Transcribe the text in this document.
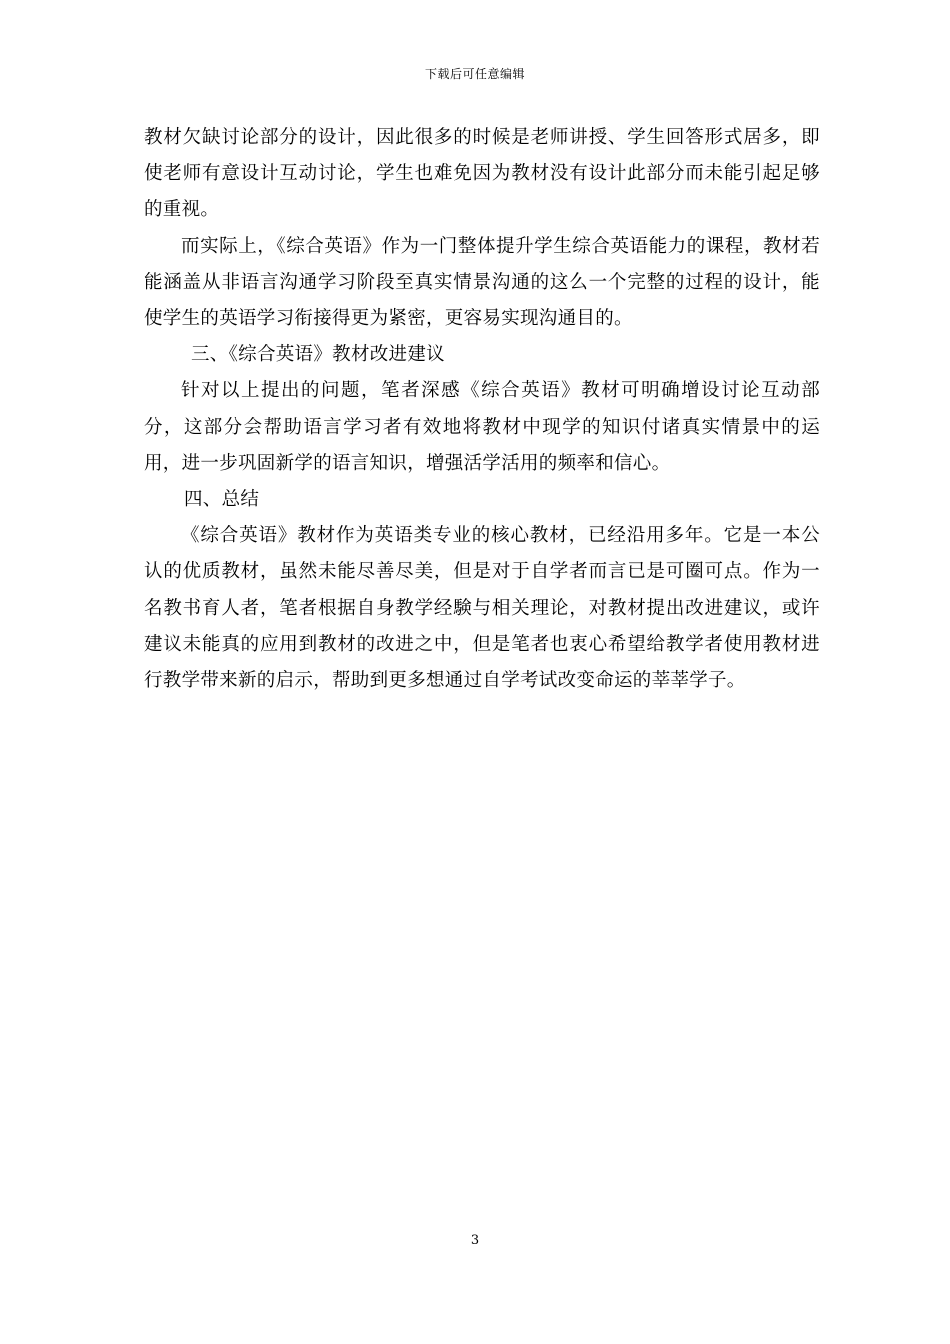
下载后可任意编辑

教材欠缺讨论部分的设计，因此很多的时候是老师讲授、学生回答形式居多，即使老师有意设计互动讨论，学生也难免因为教材没有设计此部分而未能引起足够的重视。

而实际上，《综合英语》作为一门整体提升学生综合英语能力的课程，教材若能涵盖从非语言沟通学习阶段至真实情景沟通的这么一个完整的过程的设计，能使学生的英语学习衔接得更为紧密，更容易实现沟通目的。

三、《综合英语》教材改进建议

针对以上提出的问题，笔者深感《综合英语》教材可明确增设讨论互动部分，这部分会帮助语言学习者有效地将教材中现学的知识付诸真实情景中的运用，进一步巩固新学的语言知识，增强活学活用的频率和信心。

四、总结

《综合英语》教材作为英语类专业的核心教材，已经沿用多年。它是一本公认的优质教材，虽然未能尽善尽美，但是对于自学者而言已是可圈可点。作为一名教书育人者，笔者根据自身教学经験与相关理论，对教材提出改进建议，或许建议未能真的应用到教材的改进之中，但是笔者也衷心希望给教学者使用教材进行教学带来新的启示，帮助到更多想通过自学考试改变命运的莘莘学子。

3
